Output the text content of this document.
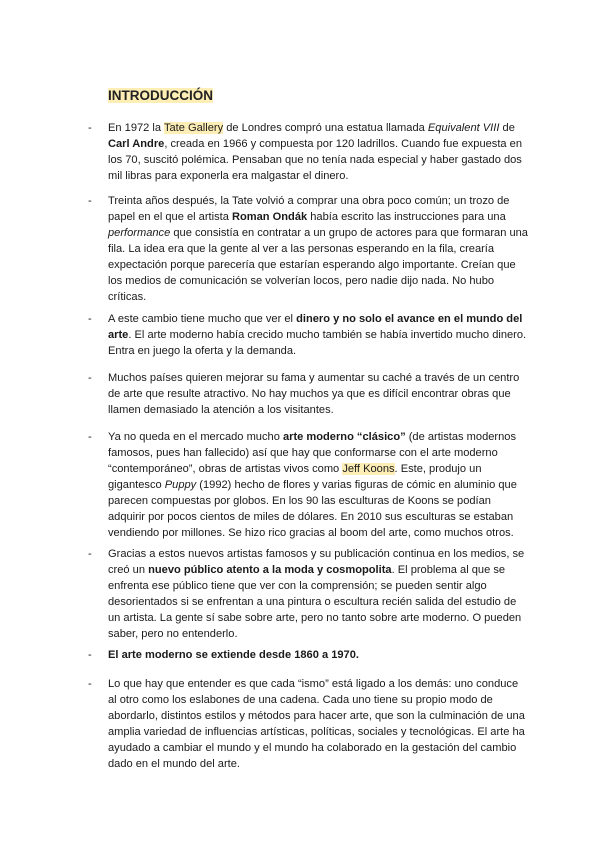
INTRODUCCIÓN
-	En 1972 la Tate Gallery de Londres compró una estatua llamada Equivalent VIII de Carl Andre, creada en 1966 y compuesta por 120 ladrillos. Cuando fue expuesta en los 70, suscitó polémica. Pensaban que no tenía nada especial y haber gastado dos mil libras para exponerla era malgastar el dinero.
-	Treinta años después, la Tate volvió a comprar una obra poco común; un trozo de papel en el que el artista Roman Ondák había escrito las instrucciones para una performance que consistía en contratar a un grupo de actores para que formaran una fila. La idea era que la gente al ver a las personas esperando en la fila, crearía expectación porque parecería que estarían esperando algo importante. Creían que los medios de comunicación se volverían locos, pero nadie dijo nada. No hubo críticas.
-	A este cambio tiene mucho que ver el dinero y no solo el avance en el mundo del arte. El arte moderno había crecido mucho también se había invertido mucho dinero. Entra en juego la oferta y la demanda.
-	Muchos países quieren mejorar su fama y aumentar su caché a través de un centro de arte que resulte atractivo. No hay muchos ya que es difícil encontrar obras que llamen demasiado la atención a los visitantes.
-	Ya no queda en el mercado mucho arte moderno “clásico” (de artistas modernos famosos, pues han fallecido) así que hay que conformarse con el arte moderno “contemporáneo”, obras de artistas vivos como Jeff Koons. Este, produjo un gigantesco Puppy (1992) hecho de flores y varias figuras de cómic en aluminio que parecen compuestas por globos. En los 90 las esculturas de Koons se podían adquirir por pocos cientos de miles de dólares. En 2010 sus esculturas se estaban vendiendo por millones. Se hizo rico gracias al boom del arte, como muchos otros.
-	Gracias a estos nuevos artistas famosos y su publicación continua en los medios, se creó un nuevo público atento a la moda y cosmopolita. El problema al que se enfrenta ese público tiene que ver con la comprensión; se pueden sentir algo desorientados si se enfrentan a una pintura o escultura recién salida del estudio de un artista. La gente sí sabe sobre arte, pero no tanto sobre arte moderno. O pueden saber, pero no entenderlo.
-	El arte moderno se extiende desde 1860 a 1970.
-	Lo que hay que entender es que cada “ismo” está ligado a los demás: uno conduce al otro como los eslabones de una cadena. Cada uno tiene su propio modo de abordarlo, distintos estilos y métodos para hacer arte, que son la culminación de una amplia variedad de influencias artísticas, políticas, sociales y tecnológicas. El arte ha ayudado a cambiar el mundo y el mundo ha colaborado en la gestación del cambio dado en el mundo del arte.
